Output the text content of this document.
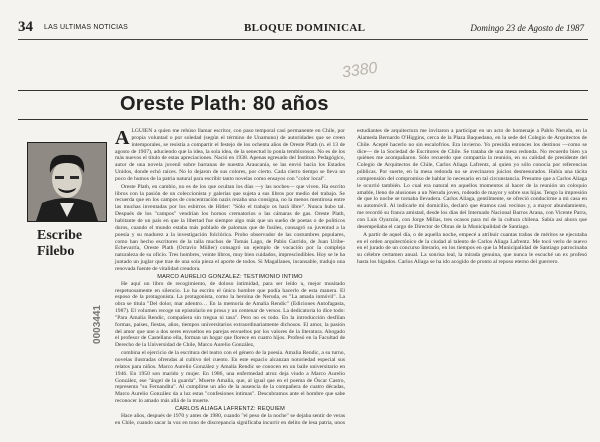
34 LAS ULTIMAS NOTICIAS	BLOQUE DOMINICAL	Domingo 23 de Agosto de 1987
3380
Oreste Plath: 80 años
Escribe
Filebo
0003441

ALGUIEN a quien me rehúso llamar escritor, con paso temporal casi permanente en Chile, por propia voluntad o por soledad (según el término de Unamuno) de autoridades que se creen intemporales, se resistía a compartir el festejo de los ochenta años de Oreste Plath (n. el 13 de agosto de 1907), aduciendo que la idea, la sola idea, de la senectud lo ponía temblorosos. No es de los más nuevos el título de estas apreciaciones. Nació en 1938. Apenas egresado del Instituto Pedagógico, autor de una novela juvenil sobre barranas de nuestra Araucanía, se las envió hacia los Estados Unidos, donde echó raíces. No lo dejaron de sus colores, por cierto. Cada cierto tiempo se lleva un poco de humos de la patria natural para escribir tanto novelas como ensayos con "color local".

Oreste Plath, en cambio, no es de los que ocultan los días —y las noches— que viven. Ha escrito libros con la pasión de un coleccionista y galerías que sujeta a sus libros por medio del trabajo. Se recuerda que en los campos de concentración nazis rezaba una consigna, no la menos mentirosa entre las muchas inventadas por los esbirros de Hitler: "Sólo el trabajo os hará libre". Nunca hubo tal. Después de los "campos" vendrían los hornos crematorios o las cámaras de gas. Oreste Plath, habitante de un país en que la libertad fue siempre algo más que un sueño de poetas o de políticos duros, cuando el mundo estaba más poblado de palomas que de fusiles, consagró su juventud a la poesía y su madurez a la investigación folclórica. Probo observador de las costumbres populares, como han hecho escritores de la talla muchos de Tomás Lago, de Pablo Garrido, de Juan Uribe-Echevarría, Oreste Plath (Octavio Müller) consagró un ejemplo de vocación por la compleja naturaleza de su oficio. Tres hombres, veinte libros, muy bien cuidados, imprescindibles. Hoy se le ha juntado un juglar que trae de una sola pieza el aporte de todos. Si Magallanes, incansable, tradujo una renovada fuente de vitalidad creadora.

MARCO AURELIO GONZALEZ: TESTIMONIO INTIMO

He aquí un libro de recogimiento, de doloso intimidad, para ser leído u, mejor musitado respetuosamente en silencio. Lo ha escrito el único hombre que podía hacerlo de esta manera. El esposo de la protagonista. La protagonista, como la heroína de Neruda, es "La amada inmóvil". La obra se titula "Del dolor, mar adentro… En la memoria de Amalia Rendic" (Ediciones Antofagasta, 1987). El volumen recoge un epistolario en prosa y un centenar de versos. La dedicatoria lo dice todo: "Para Amalia Rendic, compañera sin tregua ni tasa". Pero no es todo. En la introducción desfilan formas, países, fiestas, años, tiempos universitarios extraordinariamente dichosos. El amor, la pasión del amor que une a dos seres envueltos en parejas envueltos por los valores de la literatura. Abogado el profesor de Castellano ella, forman un hogar que florece en cuatro hijos. Profesó en la Facultad de Derecho de la Universidad de Chile, Marco Aurelio González,

combina el ejercicio de la escritura del teatro con el género de la poesía. Amalia Rendic, a su turno, novelas ilustradas ofrendas al cultivo del cuento. En este espacio alcanzan notoriedad especial sus relatos para niños. Marco Aurelio González y Amalia Rendic se conocen en un baile universitario en 1946. En 1950 son marido y mujer. En 1986, una enfermedad atroz deja viudo a Marco Aurelio González, ese "ángel de la guarda". Muerte Amalia, que, al igual que en el poema de Óscar Castro, representa "su Fernandita". Al cumplirse un año de la ausencia de la compañera de cuatro décadas, Marco Aurelio González da a luz estas "confesiones íntimas". Descubramos ante el hombre que sabe reconocer lo amado más allá de la muerte.

CARLOS ALIAGA LAFRENTZ: REQUIEM

Hace años, después de 1970 y antes de 1980, cuando "el peso de la noche" se dejaba sentir de veras en Chile, cuando sacar la voz en tono de discrepancia significaba incurrir en delito de lesa patria, unos estudiantes de arquitectura me invitaron a participar en un acto de homenaje a Pablo Neruda, en la Alameda Bernardo O'Higgins, cerca de la Plaza Baquedano, en la sede del Colegio de Arquitectos de Chile. Acepté hacerlo no sin escalofríos. Era invierno. Yo presidía entonces los destinos —como se dice— de la Sociedad de Escritores de Chile. Se trataba de una mesa redonda. No recuerdo bien ya quiénes me acompañaron. Sólo recuerdo que compartía la reunión, en su calidad de presidente del Colegio de Arquitectos de Chile, Carlos Aliaga Lafrentz, al quien yo sólo conocía por referencias públicas. Por suerte, en la mesa redonda no se avecinaron juicios desmesurados. Había una tácita comprensión del compromiso de hablar lo necesario en tal circunstancia. Presumo que a Carlos Aliaga le ocurrió también. Lo cual era natural en aquellos momentos al hacer de la reunión un coloquio amable, lleno de alusiones a un Neruda joven, rodeado de mayor y sobre sus hijas. Tengo la impresión de que lo noche se tornaba llevadera. Carlos Aliaga, gentilmente, se ofreció conducirme a mi casa en su automóvil. Al indicarle mi domicilio, declaró que éramos casi vecinos y, a mayor abundamiento, me recordó su franca amistad, desde los días del Internado Nacional Barros Arana, con Vicente Parra, con Luis Oyarzún, con Jorge Millas, tres ocasos para mí de la cultura chilena. Sabía así ahora que desempeñaba el cargo de Director de Obras de la Municipalidad de Santiago.

A partir de aquel día, o de aquella noche, empecé a atribuir cuantas trabas de méritos se ejecutaba en el orden arquitectónico de la ciudad al talento de Carlos Aliaga Lafrentz. Me tocó verlo de nuevo en el jurado de un concurso literario, en los tiempos en que la Municipalidad de Santiago patrocinaba su célebre certamen anual. La sonrisa leal, la mirada genuina, que nunca le escuché un ex profesó hasta los hígados. Carlos Aliaga se ha ido acogido de pronto al reposo eterno del guerrero.
